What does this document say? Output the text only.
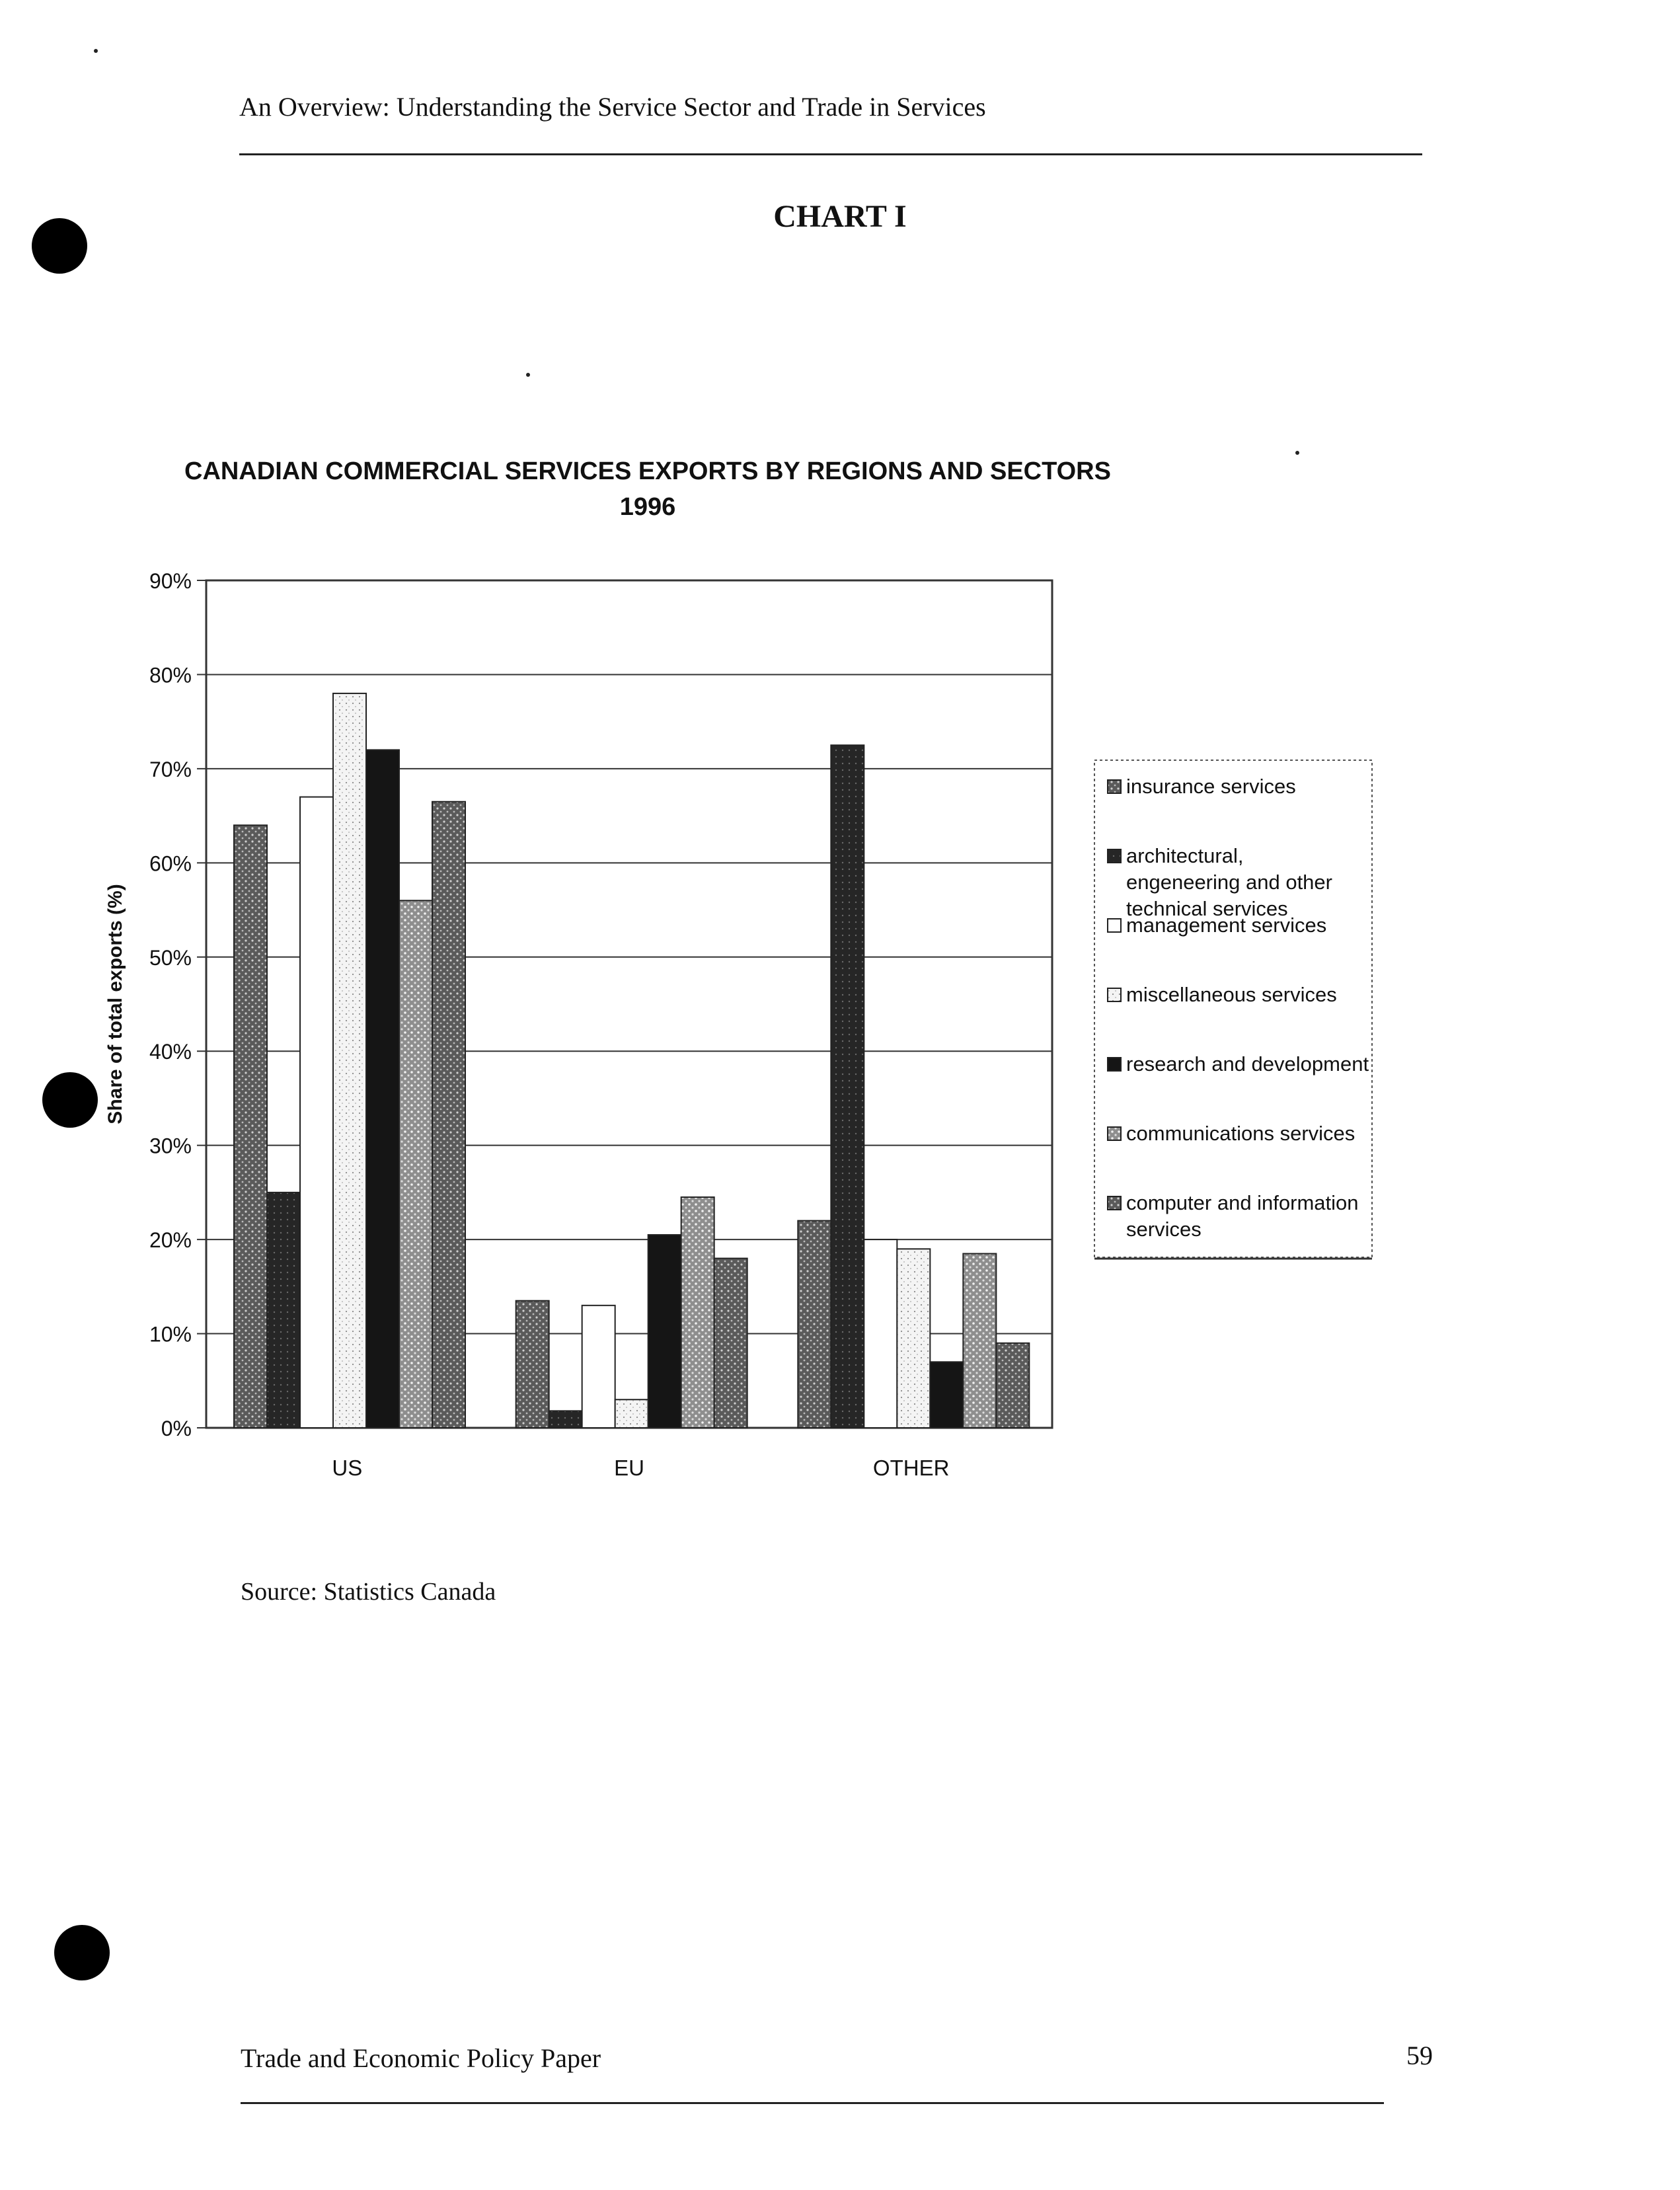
An Overview: Understanding the Service Sector and Trade in Services
CHART I
CANADIAN COMMERCIAL SERVICES EXPORTS BY REGIONS AND SECTORS
1996
0%
10%
20%
30%
40%
50%
60%
70%
80%
90%
Share of total exports (%)
US	EU	OTHER
insurance services
architectural, engeneering and other technical services
management services
miscellaneous services
research and development
communications services
computer and information services
Source: Statistics Canada
Trade and Economic Policy Paper	59
